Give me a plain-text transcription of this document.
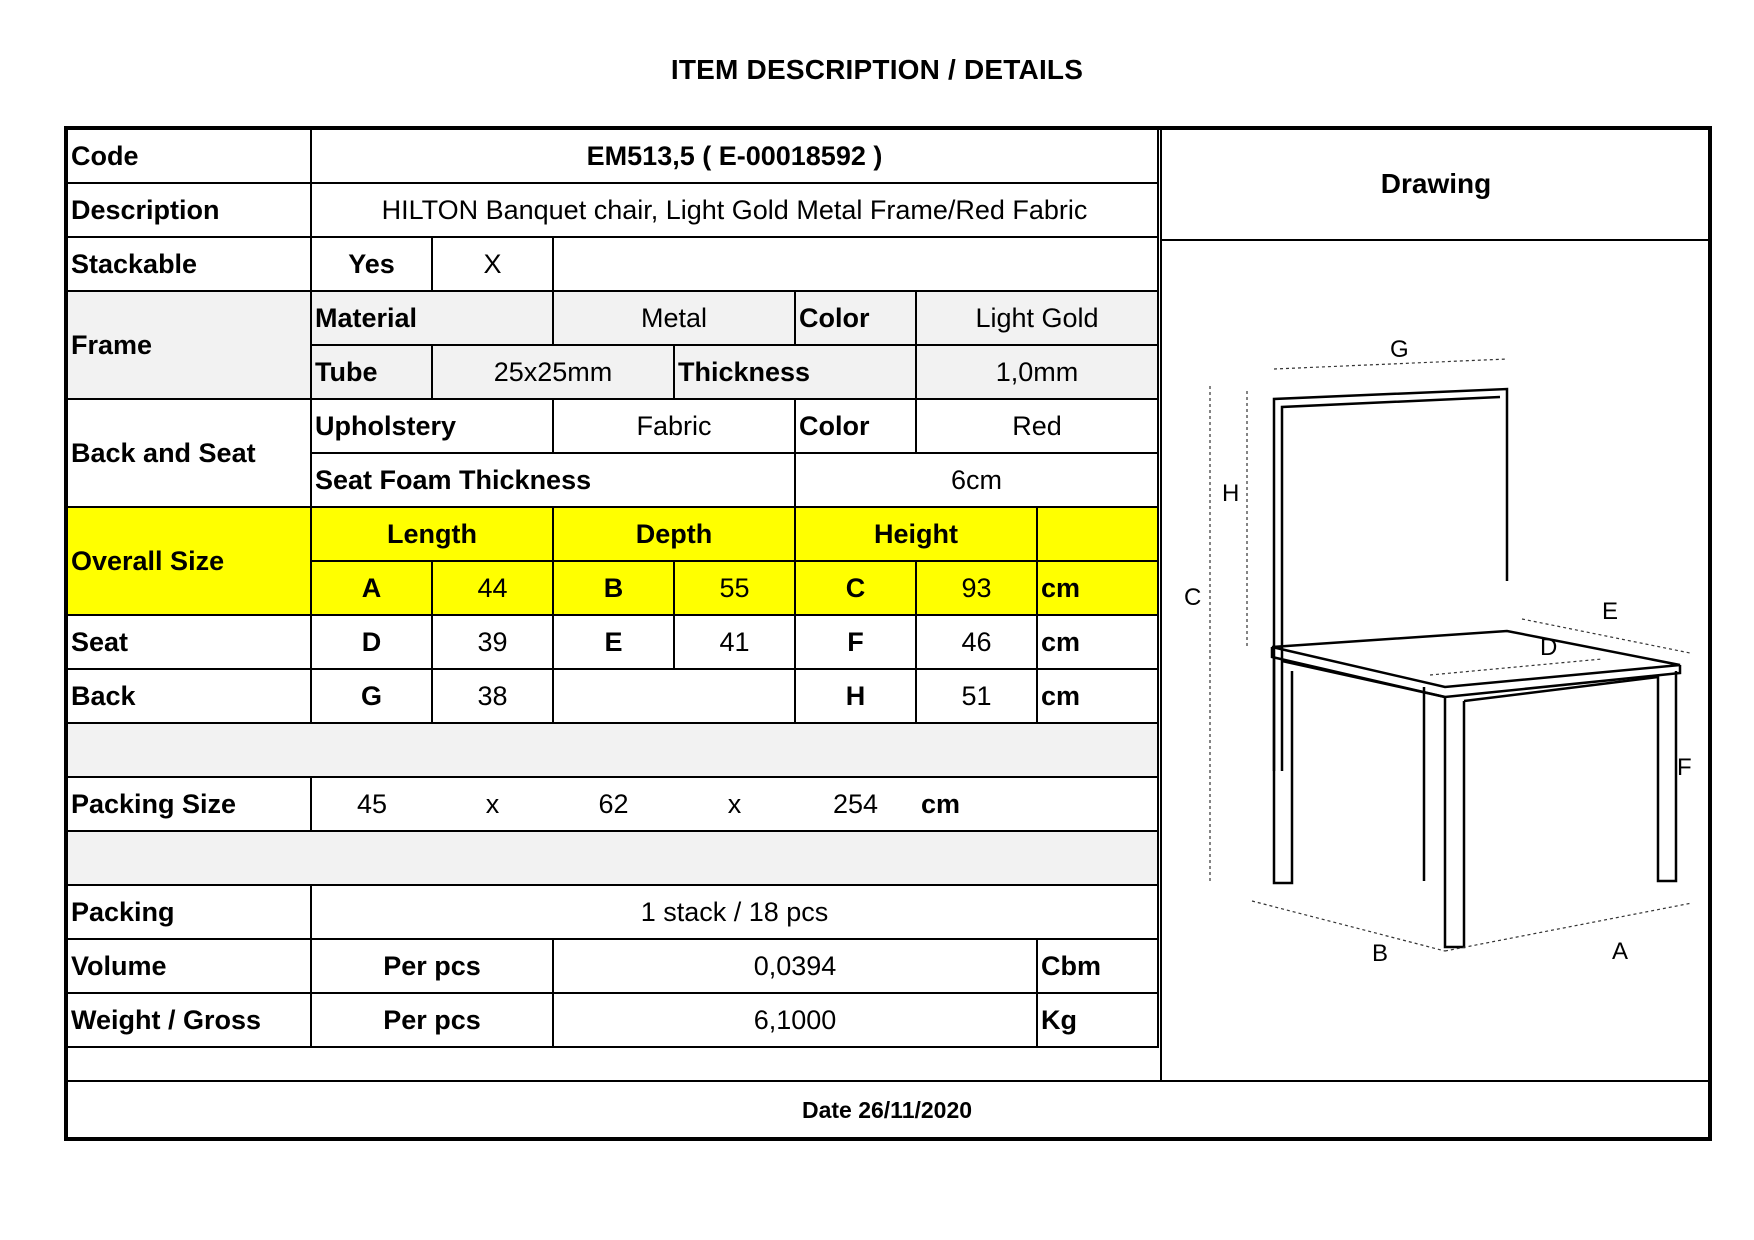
ITEM DESCRIPTION / DETAILS
Code	EM513,5 ( E-00018592 )						
Description	HILTON Banquet chair, Light Gold Metal Frame/Red Fabric						
Stackable	Yes	X					
Frame	Material		Metal		Color	Light Gold	
	Tube	25x25mm		Thickness		1,0mm	
Back and Seat	Upholstery		Fabric		Color	Red	
	Seat Foam Thickness				6cm		
Overall Size	Length		Depth		Height		
	A	44	B	55	C	93	cm
Seat	D	39	E	41	F	46	cm
Back	G	38			H	51	cm

Packing Size	45	x	62	x	254	cm	

Packing	1 stack / 18 pcs						
Volume	Per pcs		0,0394				Cbm
Weight / Gross	Per pcs		6,1000				Kg
Drawing
G
H
C
E
D
F
B	A
Date 26/11/2020
